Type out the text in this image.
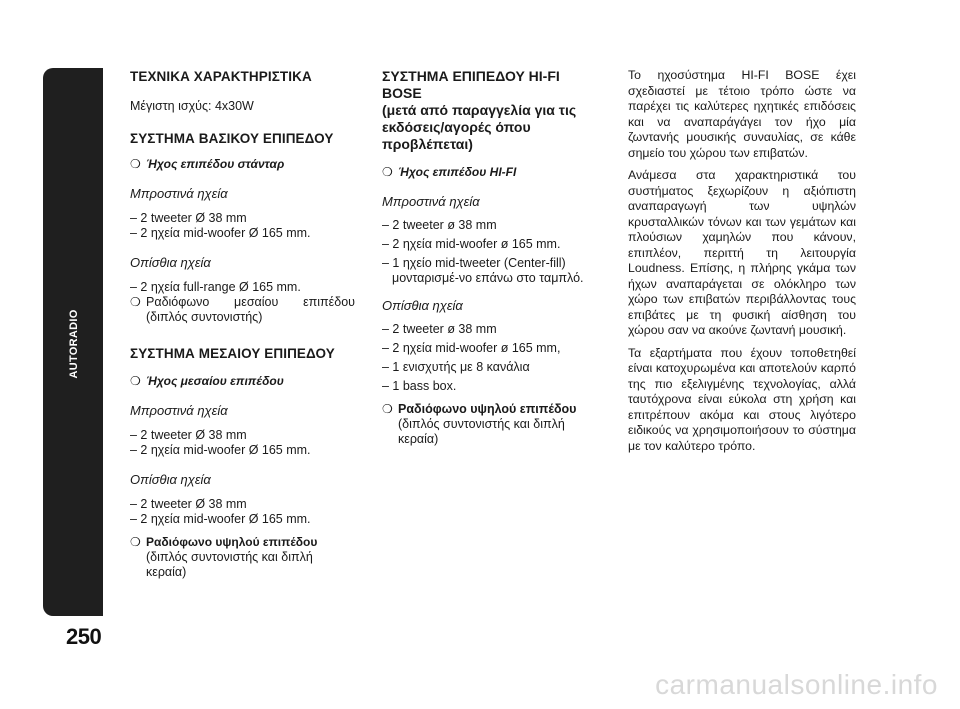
AUTORADIO
250

ΤΕΧΝΙΚΑ ΧΑΡΑΚΤΗΡΙΣΤΙΚΑ

Μέγιστη ισχύς: 4x30W

ΣΥΣΤΗΜΑ ΒΑΣΙΚΟΥ ΕΠΙΠΕΔΟΥ

❍ Ήχος επιπέδου στάνταρ

Μπροστινά ηχεία

– 2 tweeter Ø 38 mm

– 2 ηχεία mid-woofer Ø 165 mm.

Οπίσθια ηχεία

– 2 ηχεία full-range Ø 165 mm.

❍ Ραδιόφωνο μεσαίου επιπέδου (διπλός συντονιστής)

ΣΥΣΤΗΜΑ ΜΕΣΑΙΟΥ ΕΠΙΠΕΔΟΥ

❍ Ήχος μεσαίου επιπέδου

Μπροστινά ηχεία

– 2 tweeter Ø 38 mm

– 2 ηχεία mid-woofer Ø 165 mm.

Οπίσθια ηχεία

– 2 tweeter Ø 38 mm

– 2 ηχεία mid-woofer Ø 165 mm.

❍ Ραδιόφωνο υψηλού επιπέδου
(διπλός συντονιστής και διπλή κεραία)

ΣΥΣΤΗΜΑ ΕΠΙΠΕΔΟΥ HI-FI BOSE

(μετά από παραγγελία για τις εκδόσεις/αγορές όπου προβλέπεται)

❍ Ήχος επιπέδου HI-FI

Μπροστινά ηχεία

– 2 tweeter ø 38 mm

– 2 ηχεία mid-woofer ø 165 mm.

– 1 ηχείο mid-tweeter (Center-fill) μονταρισμέ-νο επάνω στο ταμπλό.

Οπίσθια ηχεία

– 2 tweeter ø 38 mm

– 2 ηχεία mid-woofer ø 165 mm,

– 1 ενισχυτής με 8 κανάλια

– 1 bass box.

❍ Ραδιόφωνο υψηλού επιπέδου (διπλός συντονιστής και διπλή κεραία)

Το ηχοσύστημα HI-FI BOSE έχει σχεδιαστεί με τέτοιο τρόπο ώστε να παρέχει τις καλύτερες ηχητικές επιδόσεις και να αναπαράγάγει τον ήχο μία ζωντανής μουσικής συναυλίας, σε κάθε σημείο του χώρου των επιβατών.

Ανάμεσα στα χαρακτηριστικά του συστήματος ξεχωρίζουν η αξιόπιστη αναπαραγωγή των υψηλών κρυσταλλικών τόνων και των γεμάτων και πλούσιων χαμηλών που κάνουν, επιπλέον, περιττή τη λειτουργία Loudness. Επίσης, η πλήρης γκάμα των ήχων αναπαράγεται σε ολόκληρο των χώρο των επιβατών περιβάλλοντας τους επιβάτες με τη φυσική αίσθηση του χώρου σαν να ακούνε ζωντανή μουσική.

Τα εξαρτήματα που έχουν τοποθετηθεί είναι κατοχυρωμένα και αποτελούν καρπό της πιο εξελιγμένης τεχνολογίας, αλλά ταυτόχρονα είναι εύκολα στη χρήση και επιτρέπουν ακόμα και στους λιγότερο ειδικούς να χρησιμοποιήσουν το σύστημα με τον καλύτερο τρόπο.

carmanualsonline.info
